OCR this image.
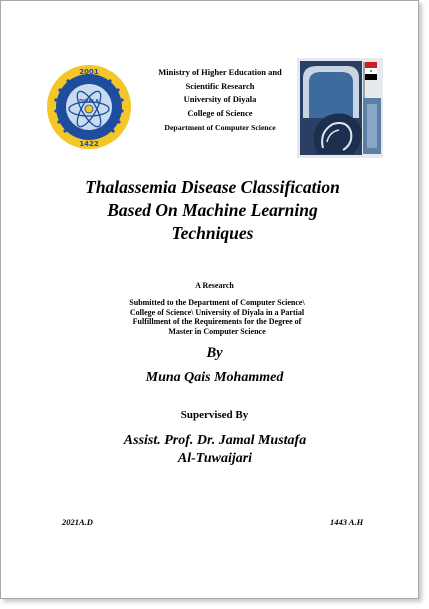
DIYALA
2001
1422
Ministry of Higher Education and
Scientific Research
University of Diyala
College of Science
Department of Computer Science
Thalassemia Disease Classification
Based On Machine Learning
Techniques
A Research
Submitted to the Department of Computer Science\
College of Science\ University of Diyala in a Partial
Fulfillment of the Requirements for the Degree of
Master in Computer Science
By
Muna Qais Mohammed
Supervised By
Assist. Prof. Dr. Jamal Mustafa
Al-Tuwaijari
2021A.D	1443 A.H
